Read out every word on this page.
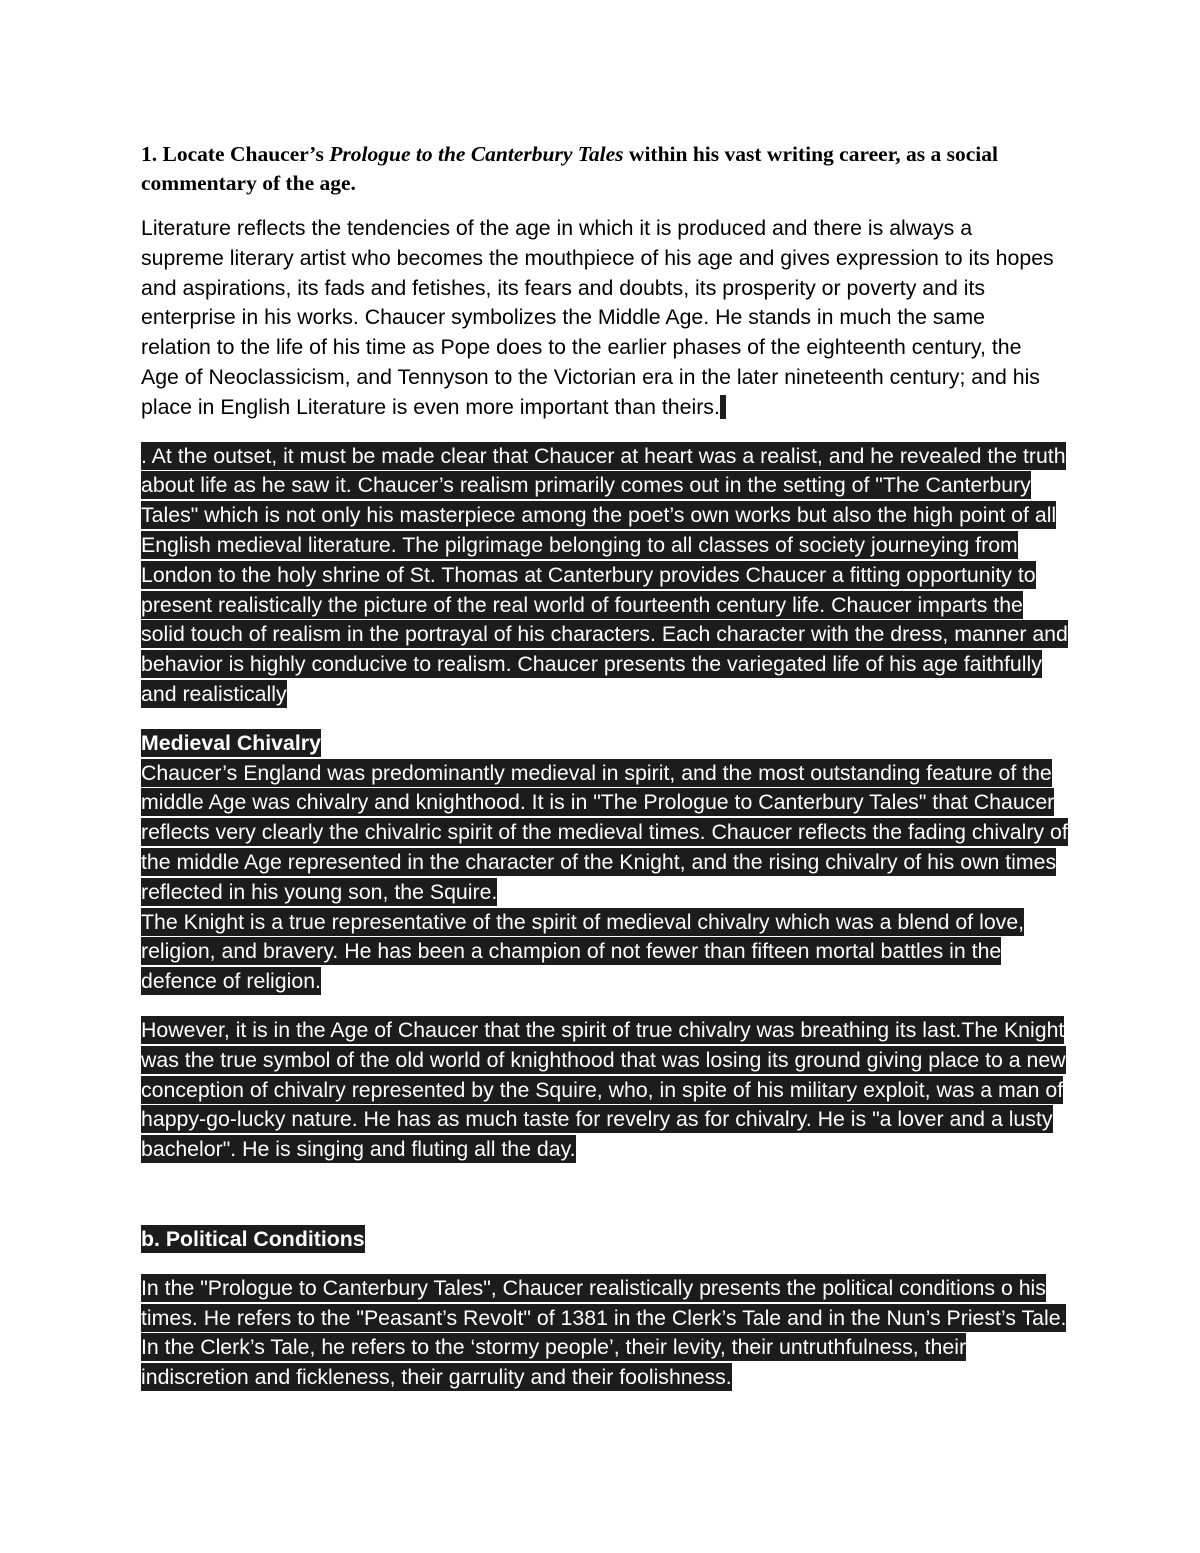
1. Locate Chaucer’s Prologue to the Canterbury Tales within his vast writing career, as a social commentary of the age.

Literature reflects the tendencies of the age in which it is produced and there is always a supreme literary artist who becomes the mouthpiece of his age and gives expression to its hopes and aspirations, its fads and fetishes, its fears and doubts, its prosperity or poverty and its enterprise in his works. Chaucer symbolizes the Middle Age. He stands in much the same relation to the life of his time as Pope does to the earlier phases of the eighteenth century, the Age of Neoclassicism, and Tennyson to the Victorian era in the later nineteenth century; and his place in English Literature is even more important than theirs.

. At the outset, it must be made clear that Chaucer at heart was a realist, and he revealed the truth about life as he saw it. Chaucer’s realism primarily comes out in the setting of "The Canterbury Tales" which is not only his masterpiece among the poet’s own works but also the high point of all English medieval literature. The pilgrimage belonging to all classes of society journeying from London to the holy shrine of St. Thomas at Canterbury provides Chaucer a fitting opportunity to present realistically the picture of the real world of fourteenth century life. Chaucer imparts the solid touch of realism in the portrayal of his characters. Each character with the dress, manner and behavior is highly conducive to realism. Chaucer presents the variegated life of his age faithfully and realistically

Medieval Chivalry

Chaucer’s England was predominantly medieval in spirit, and the most outstanding feature of the middle Age was chivalry and knighthood. It is in "The Prologue to Canterbury Tales" that Chaucer reflects very clearly the chivalric spirit of the medieval times. Chaucer reflects the fading chivalry of the middle Age represented in the character of the Knight, and the rising chivalry of his own times reflected in his young son, the Squire.

The Knight is a true representative of the spirit of medieval chivalry which was a blend of love, religion, and bravery. He has been a champion of not fewer than fifteen mortal battles in the defence of religion.

However, it is in the Age of Chaucer that the spirit of true chivalry was breathing its last.The Knight was the true symbol of the old world of knighthood that was losing its ground giving place to a new conception of chivalry represented by the Squire, who, in spite of his military exploit, was a man of happy-go-lucky nature. He has as much taste for revelry as for chivalry. He is "a lover and a lusty bachelor". He is singing and fluting all the day.

b. Political Conditions

In the "Prologue to Canterbury Tales", Chaucer realistically presents the political conditions o his times. He refers to the "Peasant’s Revolt" of 1381 in the Clerk’s Tale and in the Nun’s Priest’s Tale. In the Clerk’s Tale, he refers to the ‘stormy people’, their levity, their untruthfulness, their indiscretion and fickleness, their garrulity and their foolishness.
